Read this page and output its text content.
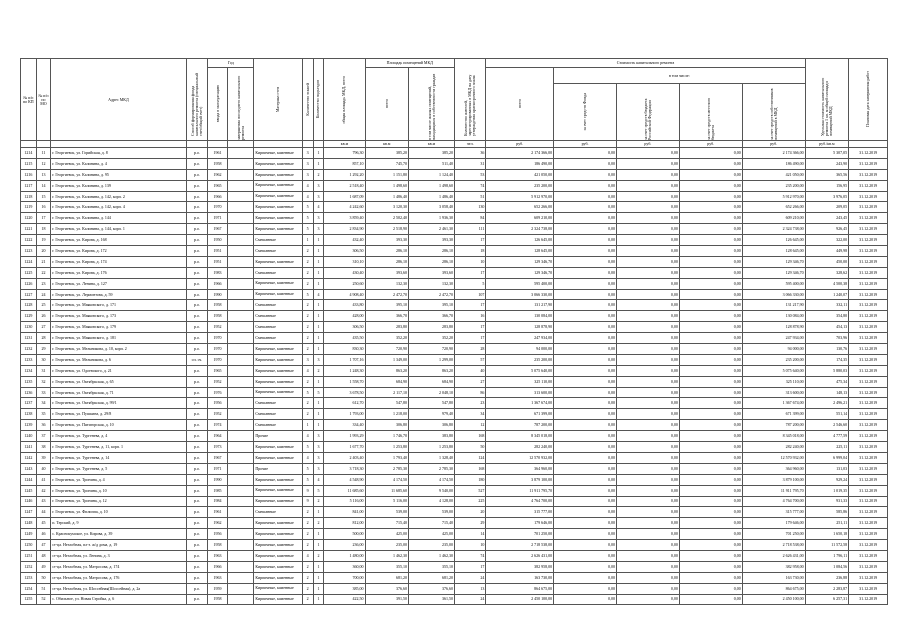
№ п/п по КП	№ п/п по МО	Адрес МКД	Способ формирования фонда капитального ремонта (специальный счет/общий счет)	Год		Материал стен	Количество этажей	Количество подъездов	общая площадь МКД, всего	Площадь помещений МКД		Количество жителей, зарегистрированных в МКД на дату утверждения краткосрочного плана	Стоимость капитального ремонта					Удельная стоимость капитального ремонта 1 кв. м общей площади помещений МКД	Плановая дата завершения работ

				ввода в эксплуатацию	завершения последнего капитального ремонта					всего	в том числе жилых помещений, находящихся в собственности граждан		всего	в том числе:					

														за счет средств Фонда	за счет средств бюджета Российской Федерации	за счет средств местного бюджета	за счет средств собственников помещений в МКД		

									кв.м	кв.м	кв.м	чел.	руб.	руб.	руб.	руб.	руб.	руб./кв.м	
1214	11	г. Георгиевск, ул. Горийская, д. 8	р.о.	1961		Кирпичные, каменные	3	1	796,30	385,20	385,20	36	2 174 366,00	0,00	0,00	0,00	2 174 366,00	5 307,05	31.12.2019
1215	12	г. Георгиевск, ул. Калинина, д. 4	р.о.	1958		Кирпичные, каменные	3	1	857,10	745,70	511,40	31	186 490,00	0,00	0,00	0,00	186 490,00	243,90	31.12.2019
1216	13	г. Георгиевск, ул. Калинина, д. 95	р.о.	1962		Кирпичные, каменные	3	2	1 292,20	1 151,80	1 124,40	53	421 050,00	0,00	0,00	0,00	421 050,00	365,56	31.12.2019
1217	14	г. Георгиевск, ул. Калинина, д. 139	р.о.	1965		Кирпичные, каменные	4	3	2 518,40	1 498,60	1 498,60	74	235 200,00	0,00	0,00	0,00	235 200,00	156,95	31.12.2019
1218	15	г. Георгиевск, ул. Калинина, д. 142, корп. 2	р.о.	1966		Кирпичные, каменные	4	3	1 687,09	1 486,40	1 486,40	51	5 912 970,00	0,00	0,00	0,00	5 912 970,00	3 976,05	31.12.2019
1219	16	г. Георгиевск, ул. Калинина, д. 142, корп. 4	р.о.	1970		Кирпичные, каменные	5	4	4 242,60	3 120,30	3 058,40	130	652 266,00	0,00	0,00	0,00	652 266,00	209,05	31.12.2019
1220	17	г. Георгиевск, ул. Калинина, д. 144	р.о.	1971		Кирпичные, каменные	5	3	3 859,40	2 502,40	1 936,30	84	609 210,00	0,00	0,00	0,00	609 210,00	243,45	31.12.2019
1221	18	г. Георгиевск, ул. Калинина, д. 144, корп. 1	р.о.	1967		Кирпичные, каменные	5	3	2 834,90	2 518,90	2 461,30	111	2 324 738,00	0,00	0,00	0,00	2 324 738,00	926,45	31.12.2019
1222	19	г. Георгиевск, ул. Кирова, д. 168	р.о.	1950		Смешанные	1	1	432,40	393,30	393,30	17	126 645,00	0,00	0,00	0,00	126 645,00	322,00	31.12.2019
1223	20	г. Георгиевск, ул. Кирова, д. 172	р.о.	1951		Смешанные	2	1	306,50	286,10	286,10	18	128 645,00	0,00	0,00	0,00	128 645,00	449,98	31.12.2019
1224	21	г. Георгиевск, ул. Кирова, д. 174	р.о.	1951		Кирпичные, каменные	2	1	310,10	286,10	286,10	10	129 346,70	0,00	0,00	0,00	129 346,70	450,00	31.12.2019
1225	22	г. Георгиевск, ул. Кирова, д. 176	р.о.	1983		Смешанные	2	1	430,40	393,60	393,60	17	129 346,70	0,00	0,00	0,00	129 346,70	328,62	31.12.2019
1226	23	г. Георгиевск, ул. Ленина, д. 127	р.о.	1966		Кирпичные, каменные	2	1	250,60	132,30	132,30	5	595 400,00	0,00	0,00	0,00	595 400,00	4 500,38	31.12.2019
1227	24	г. Георгиевск, ул. Лермонтова, д. 59	р.о.	1990		Кирпичные, каменные	5	4	4 908,40	2 472,70	2 472,70	107	3 066 330,00	0,00	0,00	0,00	3 066 330,00	1 240,07	31.12.2019
1228	25	г. Георгиевск, ул. Маяковского, д. 171	р.о.	1958		Смешанные	2	1	433,80	395,10	395,10	17	131 217,90	0,00	0,00	0,00	131 217,90	332,11	31.12.2019
1229	26	г. Георгиевск, ул. Маяковского, д. 173	р.о.	1958		Смешанные	2	1	428,00	366,70	366,70	16	130 084,00	0,00	0,00	0,00	130 084,00	354,80	31.12.2019
1230	27	г. Георгиевск, ул. Маяковского, д. 179	р.о.	1952		Смешанные	2	1	306,50	283,80	283,80	17	128 878,90	0,00	0,00	0,00	128 878,90	454,13	31.12.2019
1231	28	г. Георгиевск, ул. Маяковского, д. 181	р.о.	1970		Смешанные	2	1	435,50	352,20	352,20	17	247 934,00	0,00	0,00	0,00	247 934,00	703,96	31.12.2019
1232	29	г. Георгиевск, ул. Мельникова, д. 10, корп. 2	р.о.	1970		Кирпичные, каменные	2	1	830,30	720,90	720,90	28	94 000,00	0,00	0,00	0,00	94 000,00	130,76	31.12.2019
1233	30	г. Георгиевск, ул. Мельникова, д. 6	сп. сч.	1970		Кирпичные, каменные	3	3	1 707,16	1 349,00	1 299,00	57	235 200,00	0,00	0,00	0,00	235 200,00	174,35	31.12.2019
1234	31	г. Георгиевск, ул. Одоевского, д. 21	р.о.	1965		Кирпичные, каменные	4	2	1 248,30	863,20	863,20	40	5 075 640,00	0,00	0,00	0,00	5 075 640,00	5 880,03	31.12.2019
1235	32	г. Георгиевск, ул. Октябрьская, д. 65	р.о.	1952		Кирпичные, каменные	2	1	1 558,70	684,90	684,90	27	325 110,00	0,00	0,00	0,00	325 110,00	475,34	31.12.2019
1236	33	г. Георгиевск, ул. Октябрьская, д. 71	р.о.	1976		Кирпичные, каменные	5	5	3 678,50	2 117,10	2 048,10	86	313 600,00	0,00	0,00	0,00	313 600,00	148,13	31.12.2019
1237	34	г. Георгиевск, ул. Октябрьская, д. 99/1	р.о.	1956		Смешанные	2	1	612,70	547,80	547,80	23	1 367 674,00	0,00	0,00	0,00	1 367 674,00	2 496,21	31.12.2019
1238	35	г. Георгиевск, ул. Пушкина, д. 29/8	р.о.	1952		Смешанные	2	1	1 793,00	1 218,00	979,40	34	671 399,00	0,00	0,00	0,00	671 399,00	551,14	31.12.2019
1239	36	г. Георгиевск, ул. Пятигорская, д. 10	р.о.	1974		Смешанные	1	1	334,40	306,80	306,80	12	787 200,00	0,00	0,00	0,00	787 200,00	2 546,60	31.12.2019
1240	37	г. Георгиевск, ул. Тургенева, д. 4	р.о.	1964		Прочие	4	3	1 993,29	1 746,70	383,80	168	8 345 018,00	0,00	0,00	0,00	8 345 018,00	4 777,59	31.12.2019
1241	38	г. Георгиевск, ул. Тургенева, д. 11, корп. 1	р.о.	1973		Кирпичные, каменные	5	3	1 677,70	1 253,80	1 253,80	50	282 240,00	0,00	0,00	0,00	282 240,00	225,11	31.12.2019
1242	39	г. Георгиевск, ул. Тургенева, д. 14	р.о.	1967		Кирпичные, каменные	4	3	2 403,40	1 793,40	1 328,40	124	12 570 932,00	0,00	0,00	0,00	12 570 932,00	6 999,04	31.12.2019
1243	40	г. Георгиевск, ул. Тургенева, д. 5	р.о.	1971		Прочие	5	3	3 718,30	2 785,30	2 785,30	168	364 960,00	0,00	0,00	0,00	364 960,00	131,03	31.12.2019
1244	41	г. Георгиевск, ул. Тронина, д. 4	р.о.	1990		Кирпичные, каменные	5	4	4 548,90	4 174,50	4 174,50	180	3 879 100,00	0,00	0,00	0,00	3 879 100,00	929,24	31.12.2019
1245	42	г. Георгиевск, ул. Тронина, д. 10	р.о.	1985		Кирпичные, каменные	9	5	11 685,60	11 685,60	9 540,00	527	11 911 795,70	0,00	0,00	0,00	11 911 795,70	1 019,35	31.12.2019
1246	43	г. Георгиевск, ул. Тронина, д. 12	р.о.	1984		Кирпичные, каменные	9	2	5 116,00	5 116,00	4 128,00	225	4 764 700,00	0,00	0,00	0,00	4 764 700,00	931,33	31.12.2019
1247	44	г. Георгиевск, ул. Филиппа, д. 10	р.о.	1961		Смешанные	2	1	841,00	539,00	539,00	20	315 777,00	0,00	0,00	0,00	315 777,00	585,86	31.12.2019
1248	45	п. Терский, д. 9	р.о.	1962		Кирпичные, каменные	2	2	812,00	715,40	715,40	29	179 646,00	0,00	0,00	0,00	179 646,00	251,11	31.12.2019
1249	46	с. Краснокумское, ул. Кирова, д. 39	р.о.	1956		Кирпичные, каменные	2	1	500,00	425,00	425,00	14	701 250,00	0,00	0,00	0,00	701 250,00	1 650,18	31.12.2019
1250	47	ст-ца. Незлобная, пл-з. ж/д дома, д. 19	р.о.	1958		Кирпичные, каменные	2	1	236,00	235,00	235,00	10	2 718 538,00	0,00	0,00	0,00	2 718 538,00	11 572,58	31.12.2019
1251	48	ст-ца. Незлобная, ул. Ленина, д. 3	р.о.	1963		Кирпичные, каменные	4	2	1 480,00	1 462,30	1 462,30	74	2 626 431,00	0,00	0,00	0,00	2 626 431,00	1 796,11	31.12.2019
1252	49	ст-ца. Незлобная, ул. Матросова, д. 174	р.о.	1966		Кирпичные, каменные	2	1	360,00	355,10	355,10	17	382 958,00	0,00	0,00	0,00	382 958,00	1 084,56	31.12.2019
1253	50	ст-ца. Незлобная, ул. Матросова, д. 176	р.о.	1963		Кирпичные, каменные	2	1	700,00	681,20	681,20	24	163 730,00	0,00	0,00	0,00	163 730,00	236,88	31.12.2019
1254	51	ст-ца. Незлобная, ул. Шоссейная(Шоссейная), д. 2а	р.о.	1959		Кирпичные, каменные	2	1	385,00	376,60	376,60	13	864 675,00	0,00	0,00	0,00	864 675,00	2 283,87	31.12.2019
1255	52	с. Обильное, ул. Новая Стройка, д. 6	р.о.	1958		Кирпичные, каменные	2	1	422,50	391,50	361,50	24	2 450 100,00	0,00	0,00	0,00	2 450 100,00	6 257,31	31.12.2019
